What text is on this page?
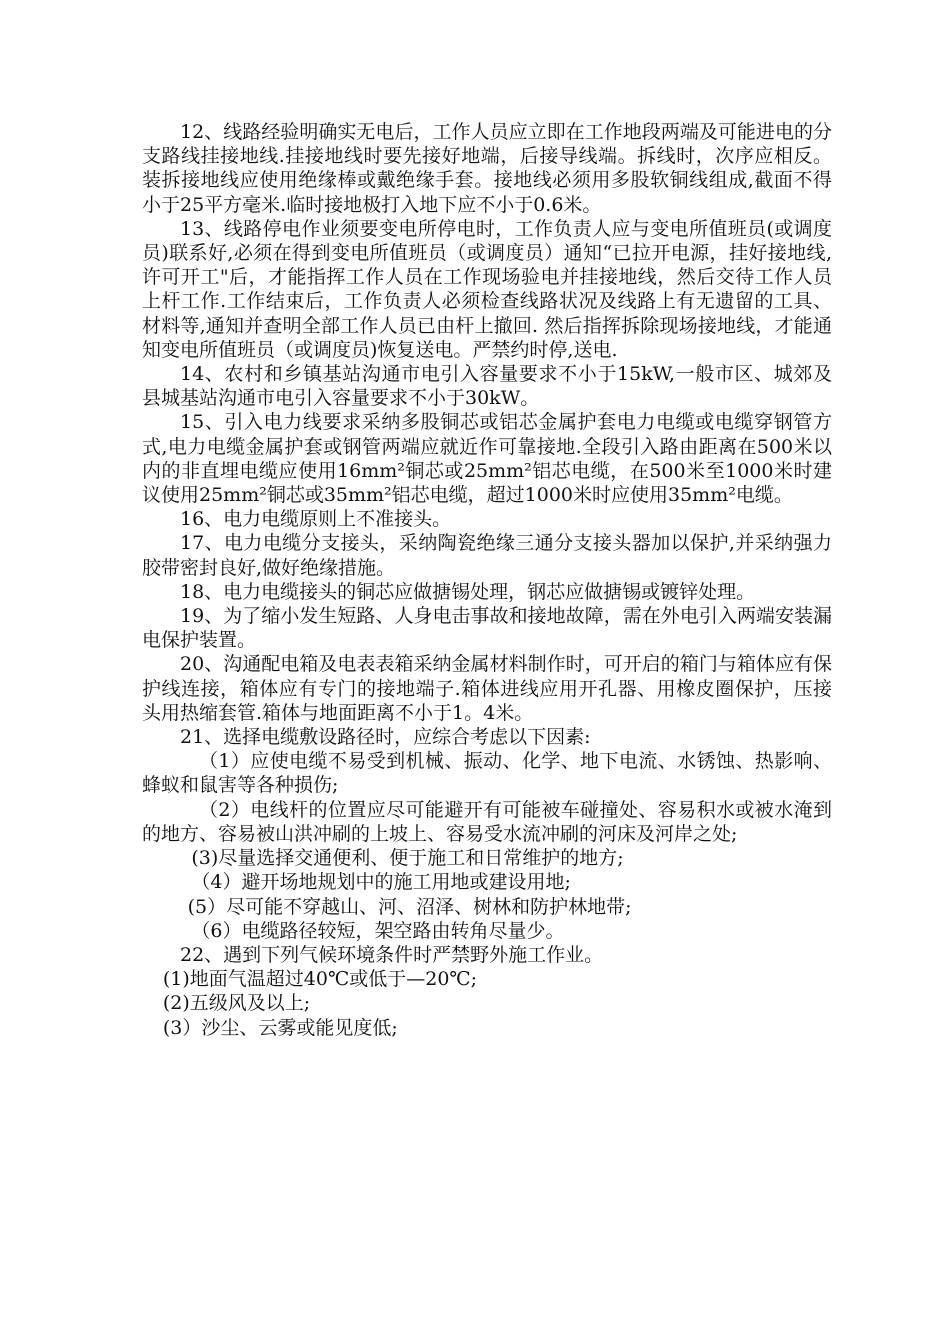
12、线路经验明确实无电后，工作人员应立即在工作地段两端及可能进电的分支路线挂接地线.挂接地线时要先接好地端，后接导线端。拆线时，次序应相反。装拆接地线应使用绝缘棒或戴绝缘手套。接地线必须用多股软铜线组成,截面不得小于25平方毫米.临时接地极打入地下应不小于0.6米。

13、线路停电作业须要变电所停电时，工作负责人应与变电所值班员(或调度员)联系好,必须在得到变电所值班员（或调度员）通知“已拉开电源，挂好接地线,许可开工"后，才能指挥工作人员在工作现场验电并挂接地线，然后交待工作人员上杆工作.工作结束后，工作负责人必须检查线路状况及线路上有无遗留的工具、材料等,通知并查明全部工作人员已由杆上撤回. 然后指挥拆除现场接地线，才能通知变电所值班员（或调度员)恢复送电。严禁约时停,送电.

14、农村和乡镇基站沟通市电引入容量要求不小于15kW,一般市区、城郊及县城基站沟通市电引入容量要求不小于30kW。

15、引入电力线要求采纳多股铜芯或铝芯金属护套电力电缆或电缆穿钢管方式,电力电缆金属护套或钢管两端应就近作可靠接地.全段引入路由距离在500米以内的非直埋电缆应使用16mm²铜芯或25mm²铝芯电缆，在500米至1000米时建议使用25mm²铜芯或35mm²铝芯电缆，超过1000米时应使用35mm²电缆。

16、电力电缆原则上不准接头。

17、电力电缆分支接头，采纳陶瓷绝缘三通分支接头器加以保护,并采纳强力胶带密封良好,做好绝缘措施。

18、电力电缆接头的铜芯应做搪锡处理，钢芯应做搪锡或镀锌处理。

19、为了缩小发生短路、人身电击事故和接地故障，需在外电引入两端安装漏电保护装置。

20、沟通配电箱及电表表箱采纳金属材料制作时，可开启的箱门与箱体应有保护线连接，箱体应有专门的接地端子.箱体进线应用开孔器、用橡皮圈保护，压接头用热缩套管.箱体与地面距离不小于1。4米。

21、选择电缆敷设路径时，应综合考虑以下因素:

（1）应使电缆不易受到机械、振动、化学、地下电流、水锈蚀、热影响、蜂蚁和鼠害等各种损伤;

（2）电线杆的位置应尽可能避开有可能被车碰撞处、容易积水或被水淹到的地方、容易被山洪冲刷的上坡上、容易受水流冲刷的河床及河岸之处;

(3)尽量选择交通便利、便于施工和日常维护的地方;

（4）避开场地规划中的施工用地或建设用地;

(5）尽可能不穿越山、河、沼泽、树林和防护林地带;

（6）电缆路径较短，架空路由转角尽量少。

22、遇到下列气候环境条件时严禁野外施工作业。

(1)地面气温超过40℃或低于—20℃;

(2)五级风及以上;

(3）沙尘、云雾或能见度低;
